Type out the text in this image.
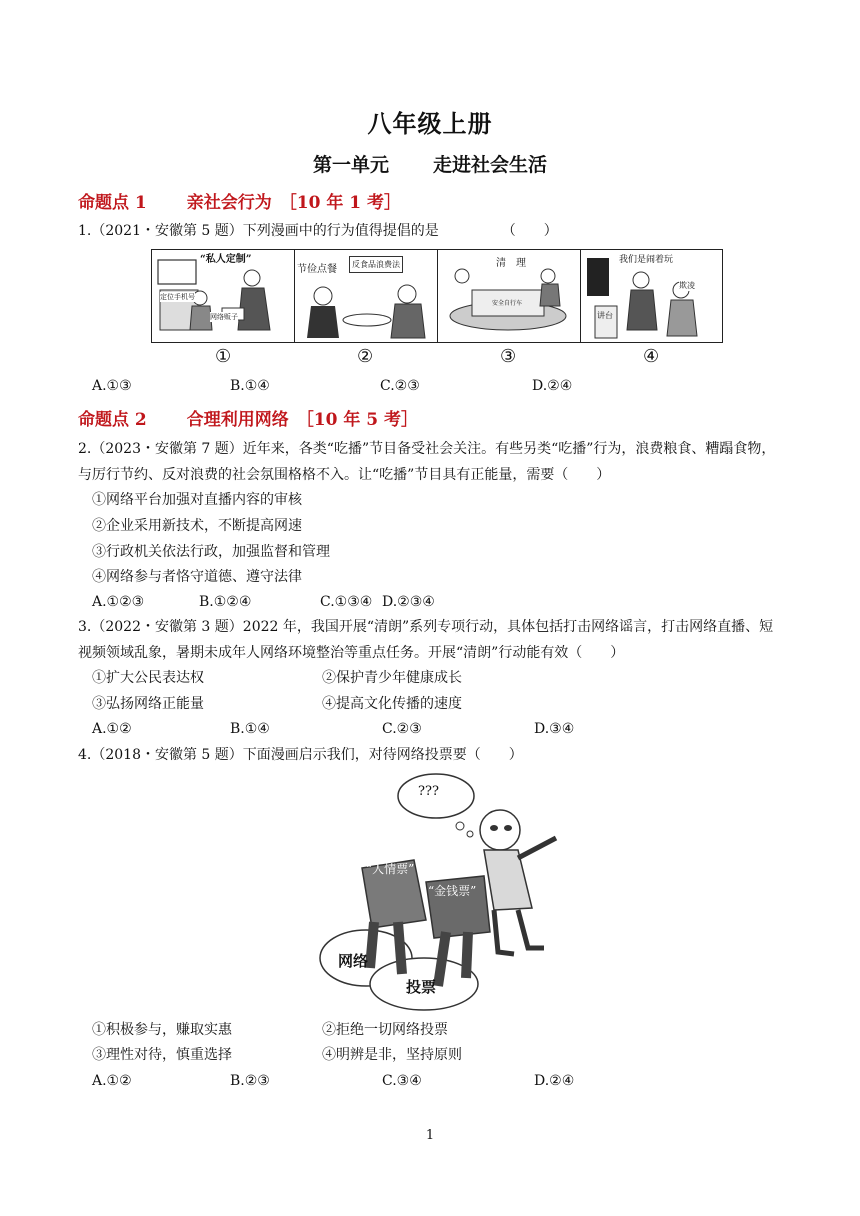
八年级上册
第一单元 走进社会生活
命题点 1 亲社会行为 ［10 年 1 考］
1.（2021・安徽第 5 题）下列漫画中的行为值得提倡的是　　　　　（　　）
“私人定制”
定位手机号
网络贩子
节俭点餐	反食品浪费法	清　理
安全自行车
我们是闹着玩
欺凌
讲台
①	②	③	④
A.①③	B.①④	C.②③	D.②④
命题点 2 合理利用网络 ［10 年 5 考］
2.（2023・安徽第 7 题）近年来，各类“吃播”节目备受社会关注。有些另类“吃播”行为，浪费粮食、糟蹋食物，与厉行节约、反对浪费的社会氛围格格不入。让“吃播”节目具有正能量，需要（　　）
①网络平台加强对直播内容的审核
②企业采用新技术，不断提高网速
③行政机关依法行政，加强监督和管理
④网络参与者恪守道德、遵守法律
A.①②③	B.①②④	C.①③④ D.②③④
3.（2022・安徽第 3 题）2022 年，我国开展“清朗”系列专项行动，具体包括打击网络谣言，打击网络直播、短视频领域乱象，暑期未成年人网络环境整治等重点任务。开展“清朗”行动能有效（　　）
①扩大公民表达权	②保护青少年健康成长
③弘扬网络正能量	④提高文化传播的速度
A.①②	B.①④	C.②③	D.③④
4.（2018・安徽第 5 题）下面漫画启示我们，对待网络投票要（　　）
???
“人情票”
“金钱票”
网络
投票
①积极参与，赚取实惠	②拒绝一切网络投票
③理性对待，慎重选择	④明辨是非，坚持原则
A.①②	B.②③	C.③④	D.②④
1
